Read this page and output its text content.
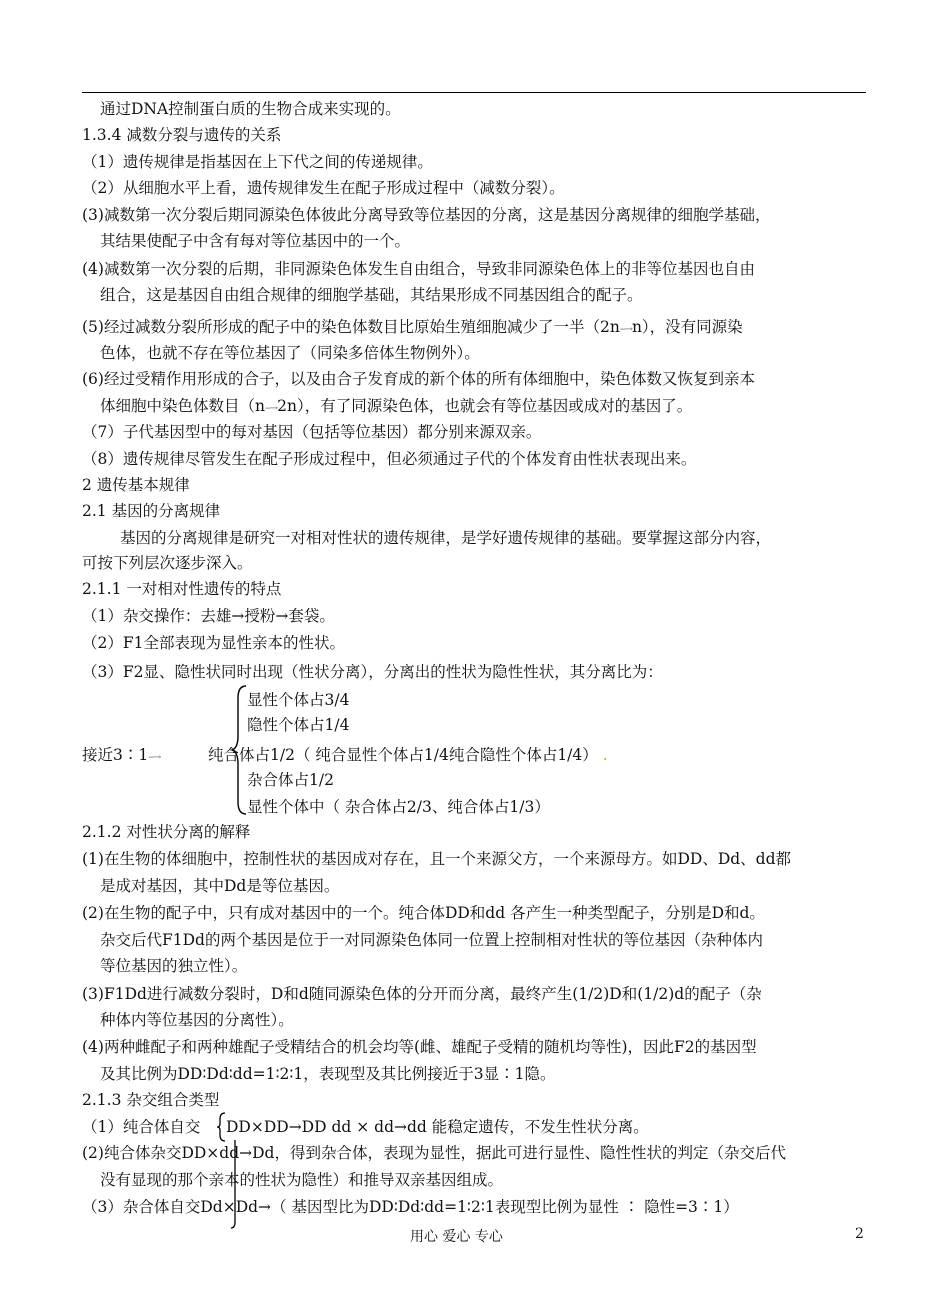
通过DNA控制蛋白质的生物合成来实现的。
1.3.4 减数分裂与遗传的关系
（1）遗传规律是指基因在上下代之间的传递规律。
（2）从细胞水平上看，遗传规律发生在配子形成过程中（减数分裂）。
(3)减数第一次分裂后期同源染色体彼此分离导致等位基因的分离，这是基因分离规律的细胞学基础，
其结果使配子中含有每对等位基因中的一个。
(4)减数第一次分裂的后期，非同源染色体发生自由组合，导致非同源染色体上的非等位基因也自由
组合，这是基因自由组合规律的细胞学基础，其结果形成不同基因组合的配子。
(5)经过减数分裂所形成的配子中的染色体数目比原始生殖细胞减少了一半（2n‑‑→n），没有同源染
色体，也就不存在等位基因了（同染多倍体生物例外）。
(6)经过受精作用形成的合子，以及由合子发育成的新个体的所有体细胞中，染色体数又恢复到亲本
体细胞中染色体数目（n‑‑→2n），有了同源染色体，也就会有等位基因或成对的基因了。
（7）子代基因型中的每对基因（包括等位基因）都分别来源双亲。
（8）遗传规律尽管发生在配子形成过程中，但必须通过子代的个体发育由性状表现出来。
2 遗传基本规律
2.1 基因的分离规律
基因的分离规律是研究一对相对性状的遗传规律，是学好遗传规律的基础。要掌握这部分内容，
可按下列层次逐步深入。
2.1.1 一对相对性遗传的特点
（1）杂交操作：去雄→授粉→套袋。
（2）F1全部表现为显性亲本的性状。
（3）F2显、隐性状同时出现（性状分离），分离出的性状为隐性性状，其分离比为：
显性个体占3/4
隐性个体占1/4
接近3∶1‑‑→	纯合体占1/2（ 纯合显性个体占1/4纯合隐性个体占1/4） .
杂合体占1/2
显性个体中（ 杂合体占2/3、纯合体占1/3）
2.1.2 对性状分离的解释
(1)在生物的体细胞中，控制性状的基因成对存在，且一个来源父方，一个来源母方。如DD、Dd、dd都
是成对基因，其中Dd是等位基因。
(2)在生物的配子中，只有成对基因中的一个。纯合体DD和dd 各产生一种类型配子，分别是D和d。
杂交后代F1Dd的两个基因是位于一对同源染色体同一位置上控制相对性状的等位基因（杂种体内
等位基因的独立性）。
(3)F1Dd进行减数分裂时，D和d随同源染色体的分开而分离，最终产生(1/2)D和(1/2)d的配子（杂
种体内等位基因的分离性）。
(4)两种雌配子和两种雄配子受精结合的机会均等(雌、雄配子受精的随机均等性)，因此F2的基因型
及其比例为DD∶Dd∶dd=1∶2∶1，表现型及其比例接近于3显∶1隐。
2.1.3 杂交组合类型
（1）纯合体自交 DD×DD→DD dd × dd→dd 能稳定遗传，不发生性状分离。
(2)纯合体杂交DD×dd→Dd，得到杂合体，表现为显性，据此可进行显性、隐性性状的判定（杂交后代
没有显现的那个亲本的性状为隐性）和推导双亲基因组成。
（3）杂合体自交Dd×Dd→（ 基因型比为DD∶Dd∶dd=1∶2∶1表现型比例为显性 ∶ 隐性=3∶1）
用心 爱心 专心	2
